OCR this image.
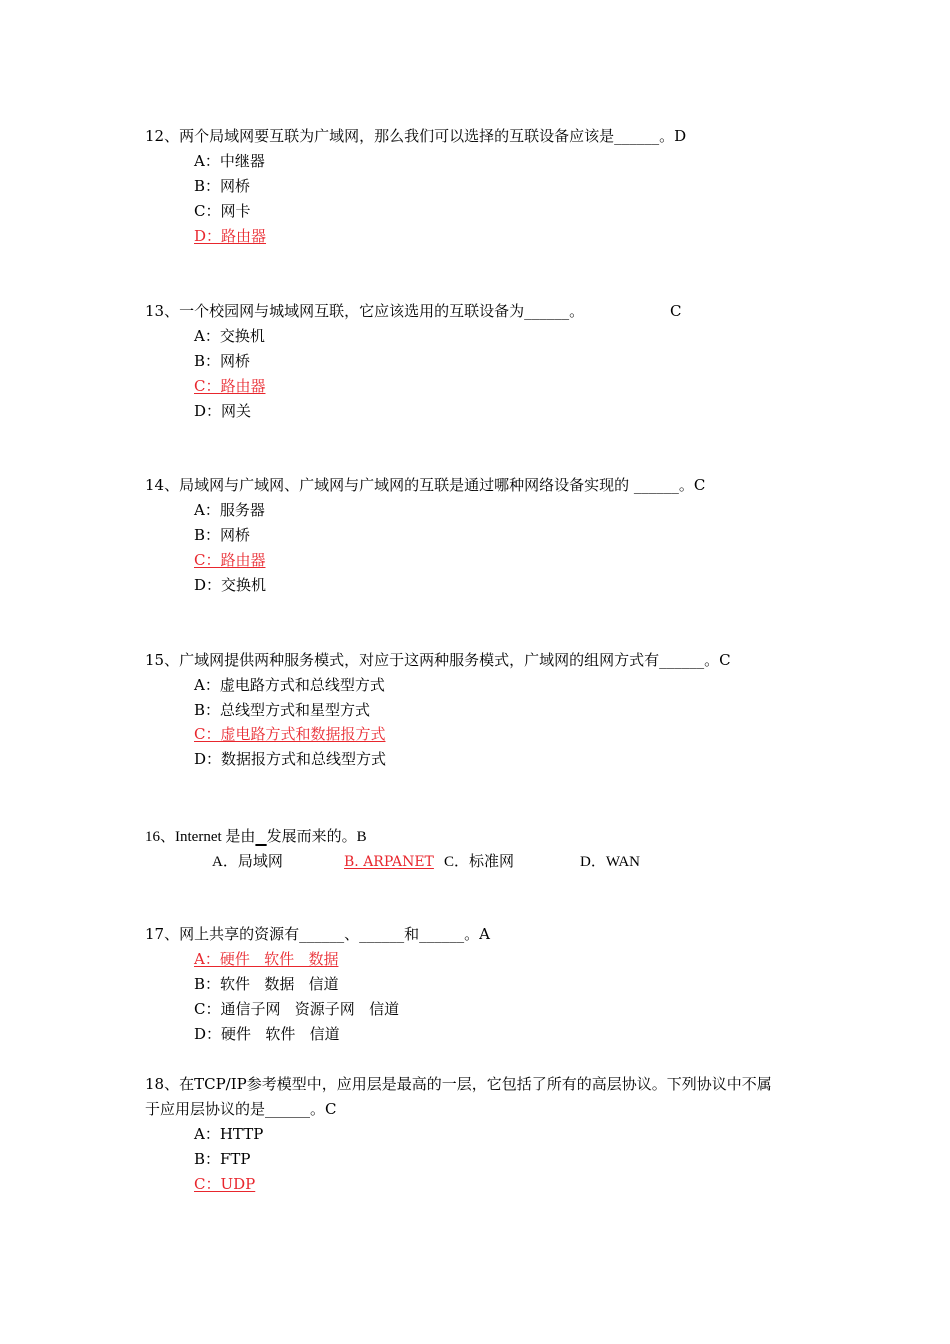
12、两个局域网要互联为广域网，那么我们可以选择的互联设备应该是______。D
A：中继器
B：网桥
C：网卡
D：路由器
13、一个校园网与城域网互联，它应该选用的互联设备为______。	C
A：交换机
B：网桥
C：路由器
D：网关
14、局域网与广域网、广域网与广域网的互联是通过哪种网络设备实现的 ______。C
A：服务器
B：网桥
C：路由器
D：交换机
15、广域网提供两种服务模式，对应于这两种服务模式，广域网的组网方式有______。C
A：虚电路方式和总线型方式
B：总线型方式和星型方式
C：虚电路方式和数据报方式
D：数据报方式和总线型方式
16、Internet 是由 发展而来的。B
A．局域网	B. ARPANET C．标准网	D．WAN
17、网上共享的资源有______、______和______。A
A：硬件   软件   数据
B：软件   数据   信道
C：通信子网   资源子网   信道
D：硬件   软件   信道
18、在TCP/IP参考模型中，应用层是最高的一层，它包括了所有的高层协议。下列协议中不属
于应用层协议的是______。C
A：HTTP
B：FTP
C：UDP
